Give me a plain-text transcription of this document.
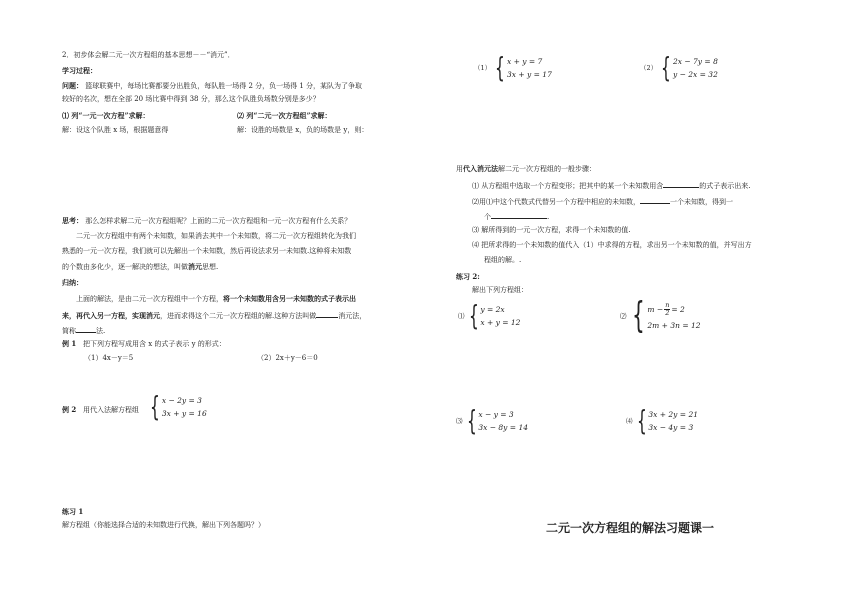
2．初步体会解二元一次方程组的基本思想－－“消元”．
学习过程：
问题： 篮球联赛中，每场比赛都要分出胜负，每队胜一场得 2 分，负一场得 1 分，某队为了争取
较好的名次，想在全部 20 场比赛中得到 38 分，那么这个队胜负场数分别是多少？
⑴ 列“一元一次方程”求解：	⑵ 列“二元一次方程组”求解：
解：设这个队胜 x 场，根据题意得	解：设胜的场数是 x，负的场数是 y，则：
思考： 那么怎样求解二元一次方程组呢？上面的二元一次方程组和一元一次方程有什么关系？
二元一次方程组中有两个未知数，如果消去其中一个未知数，将二元一次方程组转化为我们
熟悉的一元一次方程，我们就可以先解出一个未知数，然后再设法求另一未知数.这种将未知数
的个数由多化少，逐一解决的想法，叫做消元思想.
归纳：
上面的解法，是由二元一次方程组中一个方程，将一个未知数用含另一未知数的式子表示出
来，再代入另一方程，实现消元，进而求得这个二元一次方程组的解.这种方法叫做	消元法，
简称	法.
例 1 把下列方程写成用含 x 的式子表示 y 的形式：
（1）4x－y＝5	（2）2x＋y－6＝0
例 2 用代入法解方程组 { x − 2y = 3
3x + y = 16
练习 1
解方程组（你能选择合适的未知数进行代换，解出下列各题吗？）
（1） { x + y = 7
3x + y = 17
（2） { 2x − 7y = 8
y − 2x = 32
用代入消元法解二元一次方程组的一般步骤：
⑴ 从方程组中选取一个方程变形；把其中的某一个未知数用含	的式子表示出来.
⑵用⑴中这个代数式代替另一个方程中相应的未知数，	一个未知数，得到一
个	.
⑶ 解所得到的一元一次方程，求得一个未知数的值.
⑷ 把所求得的一个未知数的值代入（1）中求得的方程，求出另一个未知数的值，并写出方
程组的解。.
练习 2:
解出下列方程组：
⑴ { y = 2x
x + y = 12
⑵ { $m - \frac{n}{2} = 2$
2m + 3n = 12
⑶ { x − y = 3
3x − 8y = 14
⑷ { 3x + 2y = 21
3x − 4y = 3
二元一次方程组的解法习题课一
